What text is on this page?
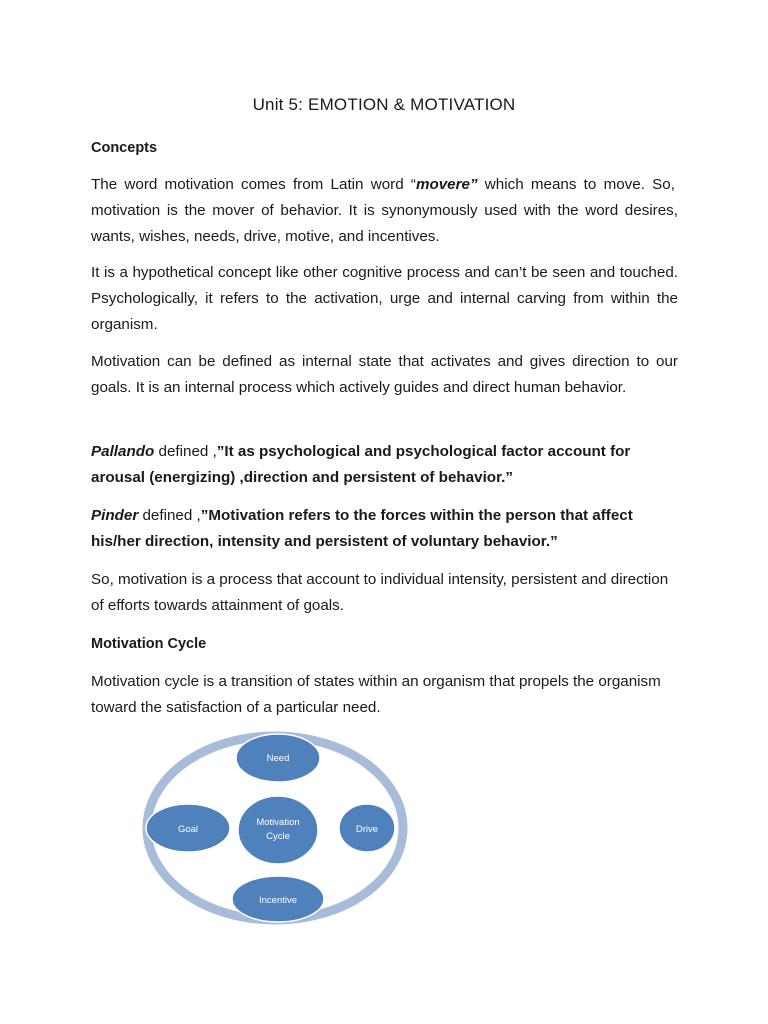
Unit 5: EMOTION & MOTIVATION
Concepts
The word motivation comes from Latin word “movere” which means to move. So, motivation is the mover of behavior. It is synonymously used with the word desires, wants, wishes, needs, drive, motive, and incentives.
It is a hypothetical concept like other cognitive process and can’t be seen and touched. Psychologically, it refers to the activation, urge and internal carving from within the organism.
Motivation can be defined as internal state that activates and gives direction to our goals. It is an internal process which actively guides and direct human behavior.
Pallando defined ,”It as psychological and psychological factor account for arousal (energizing) ,direction and persistent of behavior.”
Pinder defined ,”Motivation refers to the forces within the person that affect his/her direction, intensity and persistent of voluntary behavior.”
So, motivation is a process that account to individual intensity, persistent and direction of efforts towards attainment of goals.
Motivation Cycle
Motivation cycle is a transition of states within an organism that propels the organism toward the satisfaction of a particular need.
Need
Motivation
Cycle
Goal	Drive
Incentive
